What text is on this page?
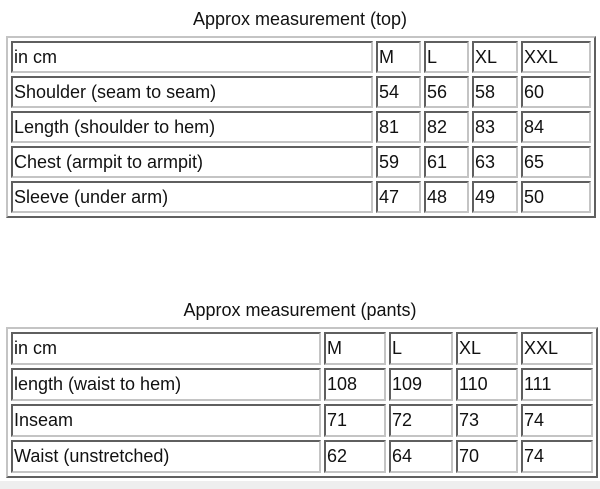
Approx measurement (top)
in cm	M	L	XL	XXL
Shoulder (seam to seam)	54	56	58	60
Length (shoulder to hem)	81	82	83	84
Chest (armpit to armpit)	59	61	63	65
Sleeve (under arm)	47	48	49	50
Approx measurement (pants)
in cm	M	L	XL	XXL
length (waist to hem)	108	109	110	111
Inseam	71	72	73	74
Waist (unstretched)	62	64	70	74
